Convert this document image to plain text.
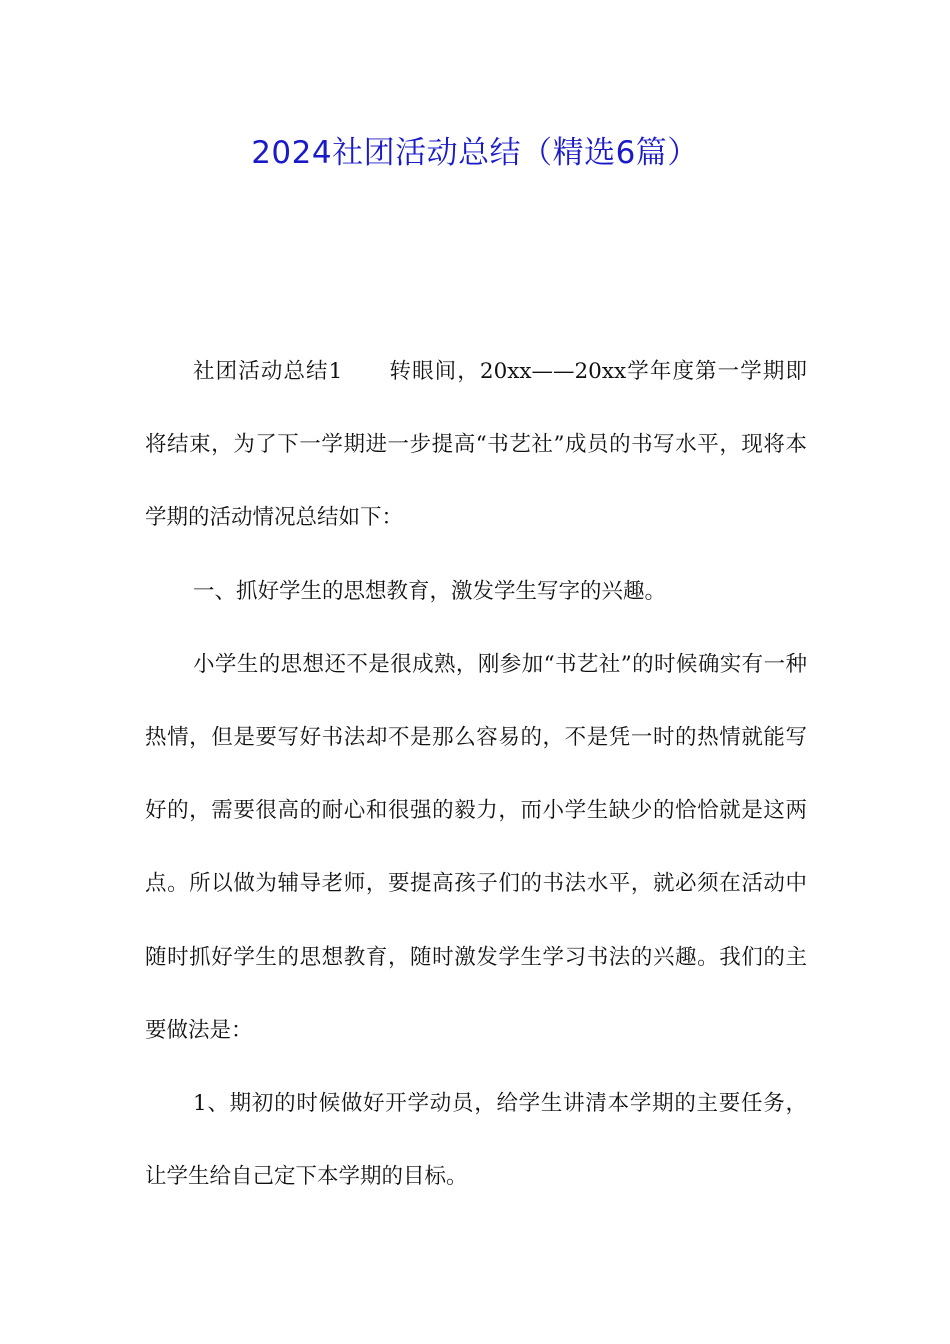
2024社团活动总结（精选6篇）

社团活动总结1 转眼间，20xx——20xx学年度第一学期即将结束，为了下一学期进一步提高“书艺社”成员的书写水平，现将本学期的活动情况总结如下：

一、抓好学生的思想教育，激发学生写字的兴趣。

小学生的思想还不是很成熟，刚参加“书艺社”的时候确实有一种热情，但是要写好书法却不是那么容易的，不是凭一时的热情就能写好的，需要很高的耐心和很强的毅力，而小学生缺少的恰恰就是这两点。所以做为辅导老师，要提高孩子们的书法水平，就必须在活动中随时抓好学生的思想教育，随时激发学生学习书法的兴趣。我们的主要做法是：

1、期初的时候做好开学动员，给学生讲清本学期的主要任务，让学生给自己定下本学期的目标。
